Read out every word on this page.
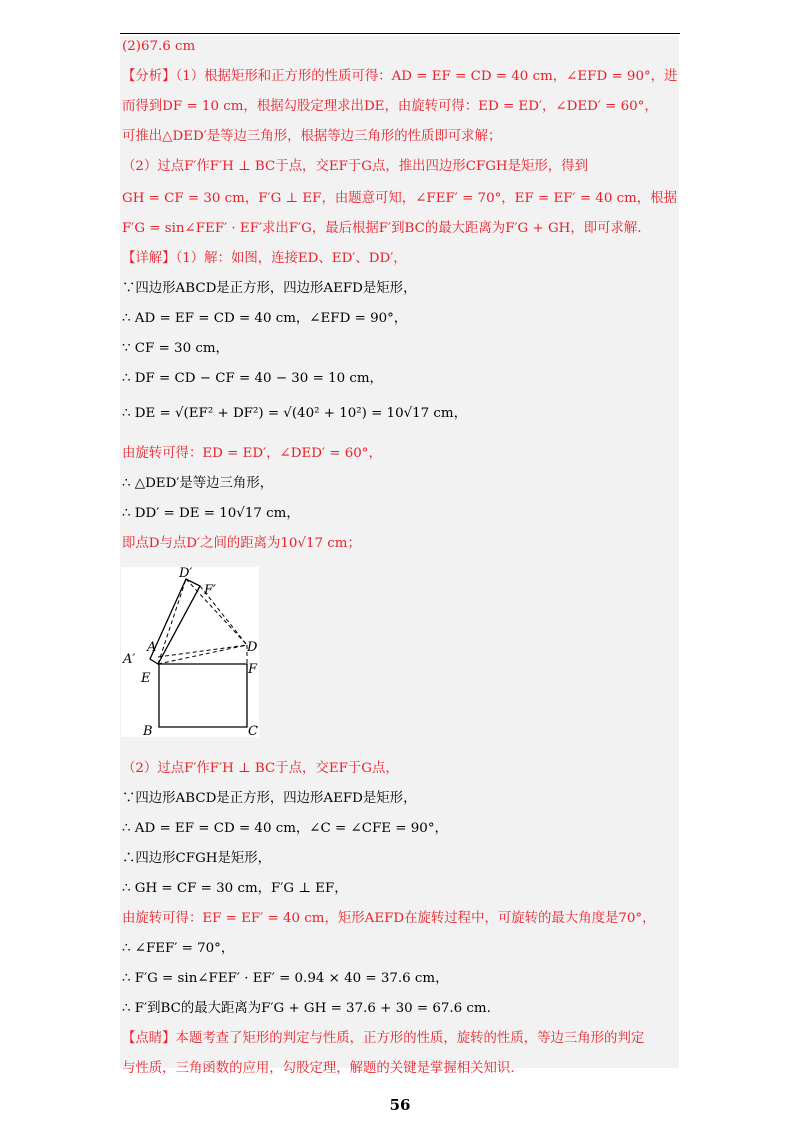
(2)67.6 cm
【分析】（1）根据矩形和正方形的性质可得：AD = EF = CD = 40 cm，∠EFD = 90°，进
而得到DF = 10 cm，根据勾股定理求出DE，由旋转可得：ED = ED′，∠DED′ = 60°，
可推出△DED′是等边三角形，根据等边三角形的性质即可求解；
（2）过点F′作F′H ⊥ BC于点，交EF于G点，推出四边形CFGH是矩形，得到
GH = CF = 30 cm，F′G ⊥ EF，由题意可知，∠FEF′ = 70°，EF = EF′ = 40 cm，根据
F′G = sin∠FEF′ · EF′求出F′G，最后根据F′到BC的最大距离为F′G + GH，即可求解.
【详解】（1）解：如图，连接ED、ED′、DD′，
∵四边形ABCD是正方形，四边形AEFD是矩形，
∴ AD = EF = CD = 40 cm，∠EFD = 90°，
∵ CF = 30 cm，
∴ DF = CD − CF = 40 − 30 = 10 cm，
∴ DE = √(EF² + DF²) = √(40² + 10²) = 10√17 cm，
由旋转可得：ED = ED′，∠DED′ = 60°，
∴ △DED′是等边三角形，
∴ DD′ = DE = 10√17 cm，
即点D与点D′之间的距离为10√17 cm；
（2）过点F′作F′H ⊥ BC于点，交EF于G点，
∵四边形ABCD是正方形，四边形AEFD是矩形，
∴ AD = EF = CD = 40 cm，∠C = ∠CFE = 90°，
∴四边形CFGH是矩形，
∴ GH = CF = 30 cm，F′G ⊥ EF，
由旋转可得：EF = EF′ = 40 cm，矩形AEFD在旋转过程中，可旋转的最大角度是70°，
∴ ∠FEF′ = 70°，
∴ F′G = sin∠FEF′ · EF′ = 0.94 × 40 = 37.6 cm，
∴ F′到BC的最大距离为F′G + GH = 37.6 + 30 = 67.6 cm.
【点睛】本题考查了矩形的判定与性质，正方形的性质，旋转的性质，等边三角形的判定
与性质，三角函数的应用，勾股定理，解题的关键是掌握相关知识.
D′
F′
D
A′
A
E
F
B	C
56
